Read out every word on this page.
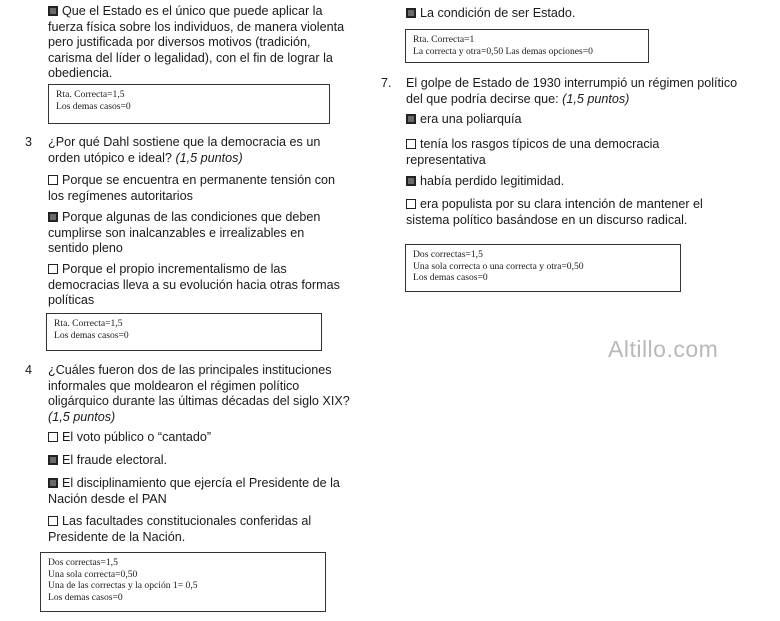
Que el Estado es el único que puede aplicar la
fuerza física sobre los individuos, de manera violenta
pero justificada por diversos motivos (tradición,
carisma del líder o legalidad), con el fin de lograr la
obediencia.
Rta. Correcta=1,5
Los demas casos=0
3 ¿Por qué Dahl sostiene que la democracia es un
orden utópico e ideal? (1,5 puntos)
Porque se encuentra en permanente tensión con
los regímenes autoritarios
Porque algunas de las condiciones que deben
cumplirse son inalcanzables e irrealizables en
sentido pleno
Porque el propio incrementalismo de las
democracias lleva a su evolución hacia otras formas
políticas
Rta. Correcta=1,5
Los demas casos=0
4 ¿Cuáles fueron dos de las principales instituciones
informales que moldearon el régimen político
oligárquico durante las últimas décadas del siglo XIX?
(1,5 puntos)
El voto público o “cantado”
El fraude electoral.
El disciplinamiento que ejercía el Presidente de la
Nación desde el PAN
Las facultades constitucionales conferidas al
Presidente de la Nación.
Dos correctas=1,5
Una sola correcta=0,50
Una de las correctas y la opción 1= 0,5
Los demas casos=0
La condición de ser Estado.
Rta. Correcta=1
La correcta y otra=0,50 Las demas opciones=0
7. El golpe de Estado de 1930 interrumpió un régimen político
del que podría decirse que: (1,5 puntos)
era una poliarquía
tenía los rasgos típicos de una democracia
representativa
había perdido legitimidad.
era populista por su clara intención de mantener el
sistema político basándose en un discurso radical.
Dos correctas=1,5
Una sola correcta o una correcta y otra=0,50
Los demas casos=0
Altillo.com
